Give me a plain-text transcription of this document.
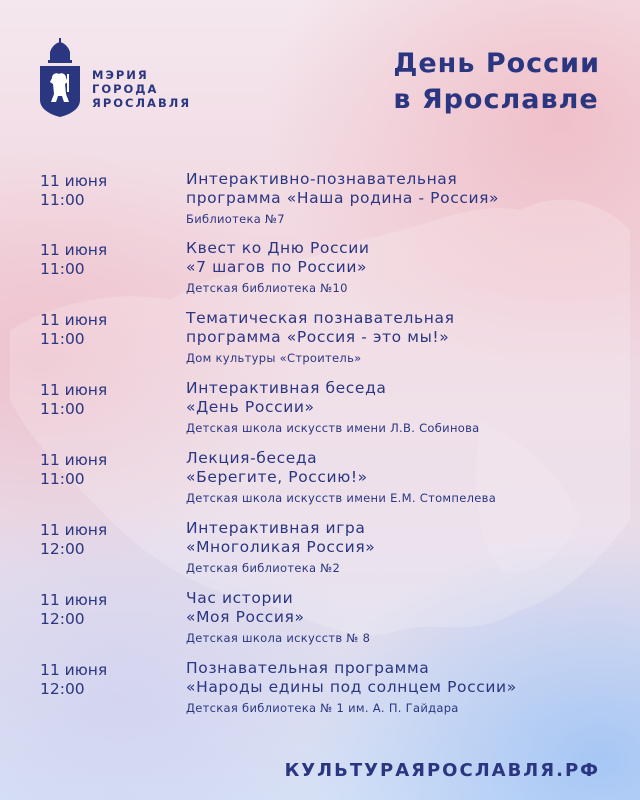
МЭРИЯ
ГОРОДА
ЯРОСЛАВЛЯ
День России
в Ярославле
11 июня
11:00
Интерактивно-познавательная
программа «Наша родина - Россия»
Библиотека №7
11 июня
11:00
Квест ко Дню России
«7 шагов по России»
Детская библиотека №10
11 июня
11:00
Тематическая познавательная
программа «Россия - это мы!»
Дом культуры «Строитель»
11 июня
11:00
Интерактивная беседа
«День России»
Детская школа искусств имени Л.В. Собинова
11 июня
11:00
Лекция-беседа
«Берегите, Россию!»
Детская школа искусств имени Е.М. Стомпелева
11 июня
12:00
Интерактивная игра
«Многоликая Россия»
Детская библиотека №2
11 июня
12:00
Час истории
«Моя Россия»
Детская школа искусств № 8
11 июня
12:00
Познавательная программа
«Народы едины под солнцем России»
Детская библиотека № 1 им. А. П. Гайдара
КУЛЬТУРАЯРОСЛАВЛЯ.РФ
